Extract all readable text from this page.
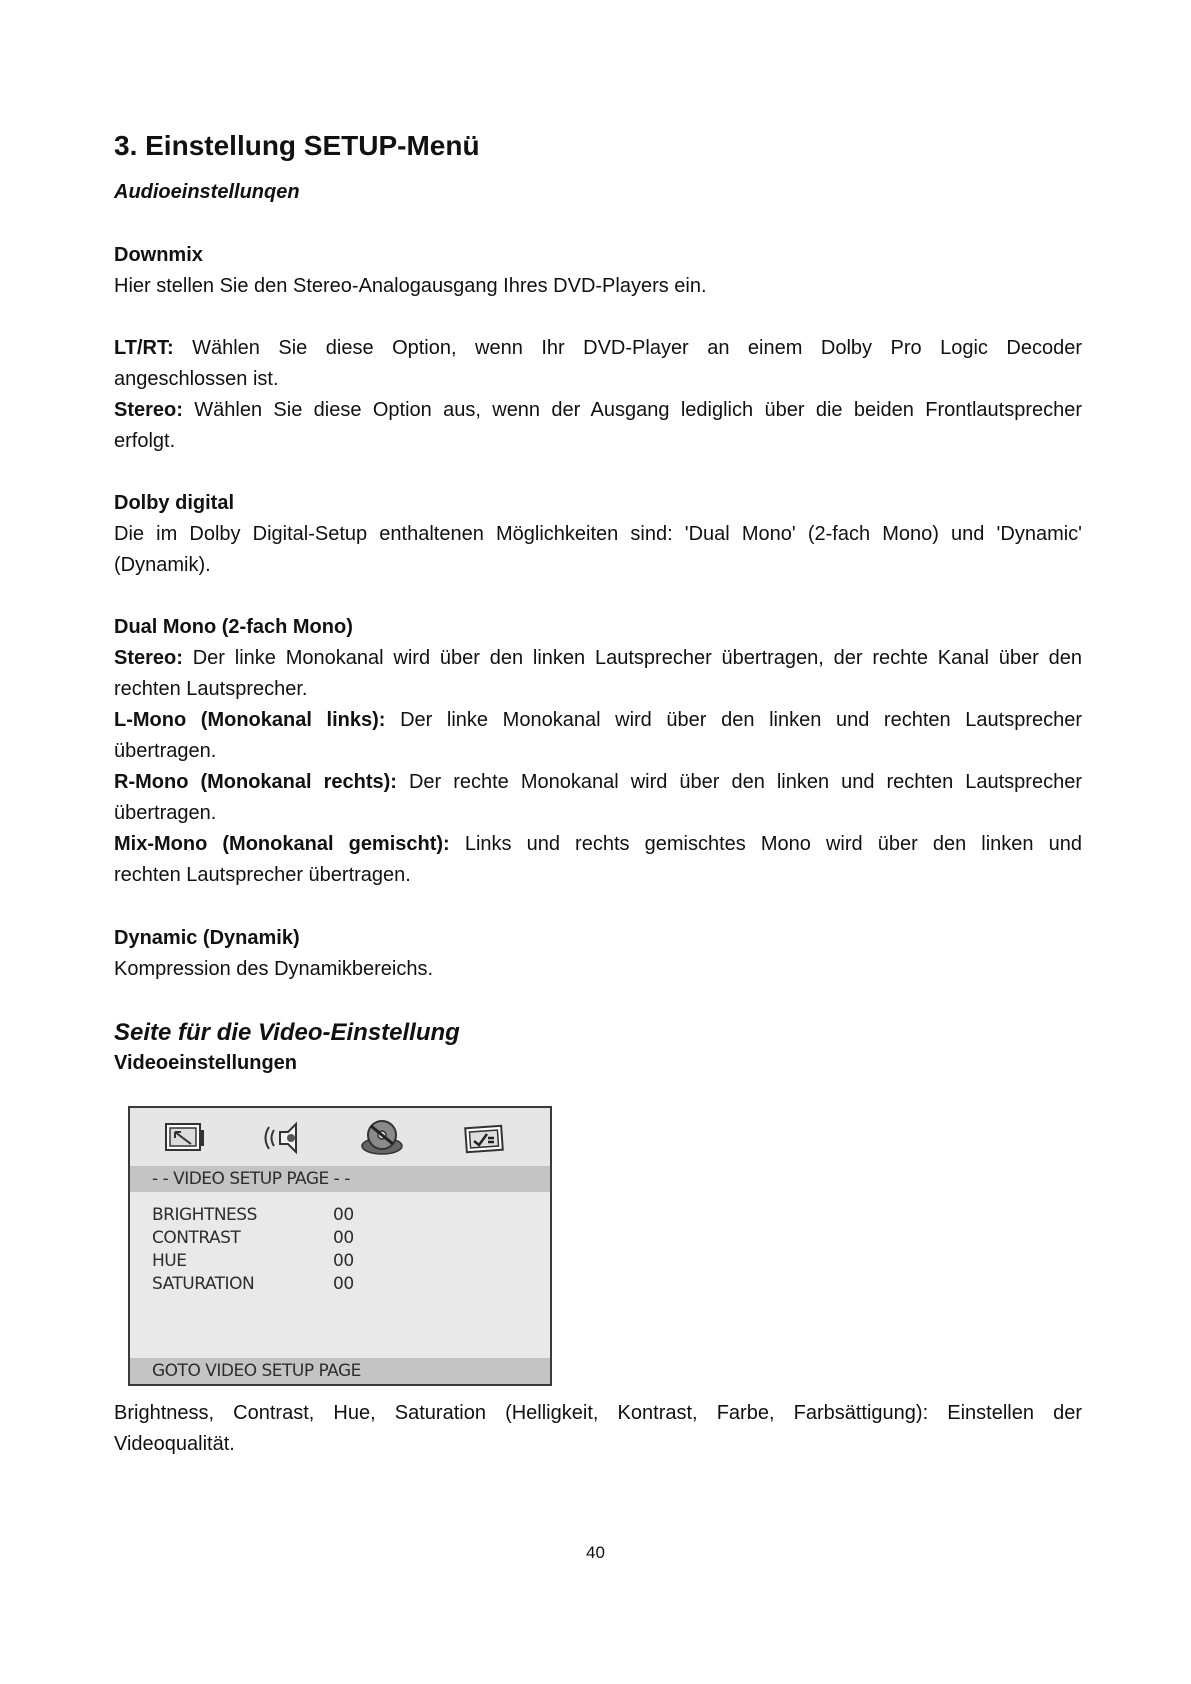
3. Einstellung SETUP-Menü
Audioeinstellunqen
Downmix
Hier stellen Sie den Stereo-Analogausgang Ihres DVD-Players ein.
LT/RT: Wählen Sie diese Option, wenn Ihr DVD-Player an einem Dolby Pro Logic Decoder
angeschlossen ist.
Stereo: Wählen Sie diese Option aus, wenn der Ausgang lediglich über die beiden Frontlautsprecher
erfolgt.
Dolby digital
Die im Dolby Digital-Setup enthaltenen Möglichkeiten sind: 'Dual Mono' (2-fach Mono) und 'Dynamic'
(Dynamik).
Dual Mono (2-fach Mono)
Stereo: Der linke Monokanal wird über den linken Lautsprecher übertragen, der rechte Kanal über den
rechten Lautsprecher.
L-Mono (Monokanal links): Der linke Monokanal wird über den linken und rechten Lautsprecher
übertragen.
R-Mono (Monokanal rechts): Der rechte Monokanal wird über den linken und rechten Lautsprecher
übertragen.
Mix-Mono (Monokanal gemischt): Links und rechts gemischtes Mono wird über den linken und
rechten Lautsprecher übertragen.
Dynamic (Dynamik)
Kompression des Dynamikbereichs.
Seite für die Video-Einstellung
Videoeinstellungen
- - VIDEO SETUP PAGE - -
BRIGHTNESS	00
CONTRAST	00
HUE	00
SATURATION	00
GOTO VIDEO SETUP PAGE
Brightness, Contrast, Hue, Saturation (Helligkeit, Kontrast, Farbe, Farbsättigung): Einstellen der
Videoqualität.
40
